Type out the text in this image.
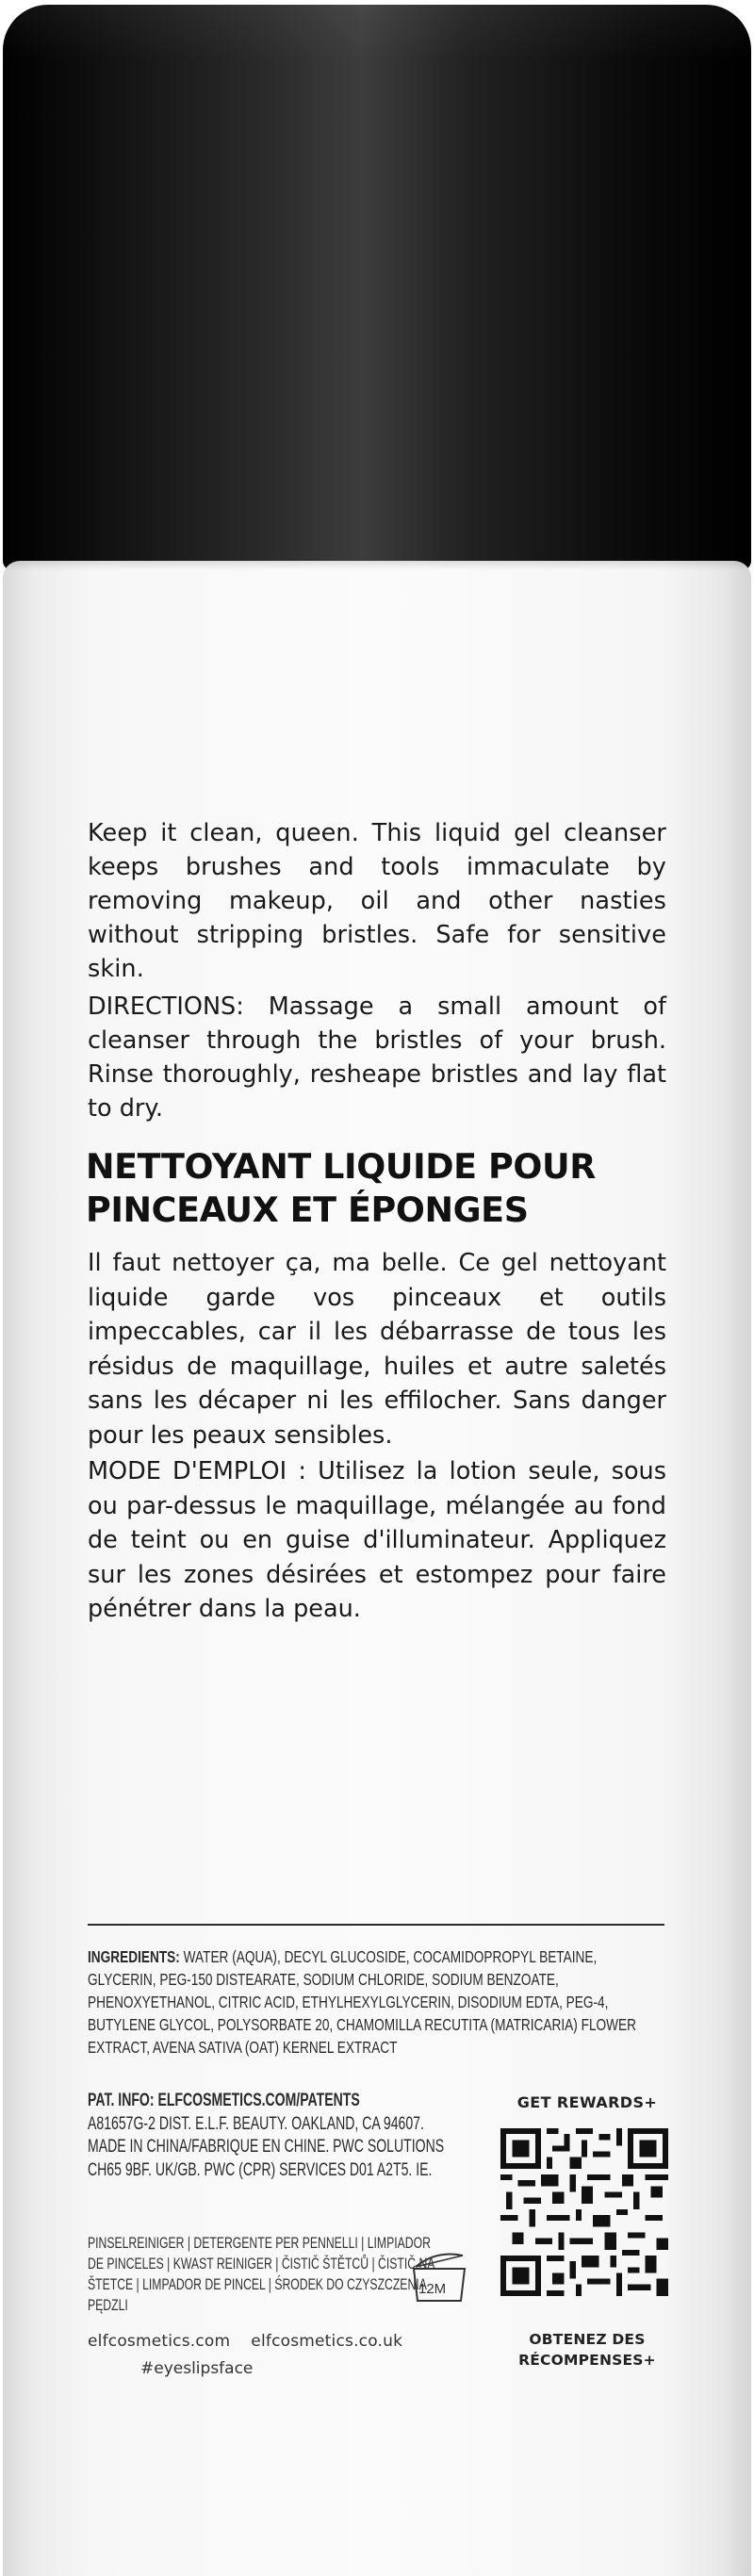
Keep it clean, queen. This liquid gel cleanser keeps brushes and tools immaculate by removing makeup, oil and other nasties without stripping bristles. Safe for sensitive skin.
DIRECTIONS: Massage a small amount of cleanser through the bristles of your brush. Rinse thoroughly, resheape bristles and lay flat to dry.
NETTOYANT LIQUIDE POUR
PINCEAUX ET ÉPONGES
Il faut nettoyer ça, ma belle. Ce gel nettoyant liquide garde vos pinceaux et outils impeccables, car il les débarrasse de tous les résidus de maquillage, huiles et autre saletés sans les décaper ni les effilocher. Sans danger pour les peaux sensibles.
MODE D'EMPLOI : Utilisez la lotion seule, sous ou par-dessus le maquillage, mélangée au fond de teint ou en guise d'illuminateur. Appliquez sur les zones désirées et estompez pour faire pénétrer dans la peau.
INGREDIENTS: WATER (AQUA), DECYL GLUCOSIDE, COCAMIDOPROPYL BETAINE, GLYCERIN, PEG-150 DISTEARATE, SODIUM CHLORIDE, SODIUM BENZOATE, PHENOXYETHANOL, CITRIC ACID, ETHYLHEXYLGLYCERIN, DISODIUM EDTA, PEG-4, BUTYLENE GLYCOL, POLYSORBATE 20, CHAMOMILLA RECUTITA (MATRICARIA) FLOWER EXTRACT, AVENA SATIVA (OAT) KERNEL EXTRACT
PAT. INFO: ELFCOSMETICS.COM/PATENTS
A81657G-2 DIST. E.L.F. BEAUTY. OAKLAND, CA 94607.
MADE IN CHINA/FABRIQUE EN CHINE. PWC SOLUTIONS
CH65 9BF. UK/GB. PWC (CPR) SERVICES D01 A2T5. IE.
PINSELREINIGER | DETERGENTE PER PENNELLI | LIMPIADOR
DE PINCELES | KWAST REINIGER | ČISTIČ ŠTĚTCŮ | ČISTIČ NA
ŠTETCE | LIMPADOR DE PINCEL | ŚRODEK DO CZYSZCZENIA PĘDZLI
12M
elfcosmetics.com elfcosmetics.co.uk
#eyeslipsface
GET REWARDS+
OBTENEZ DES
RÉCOMPENSES+
